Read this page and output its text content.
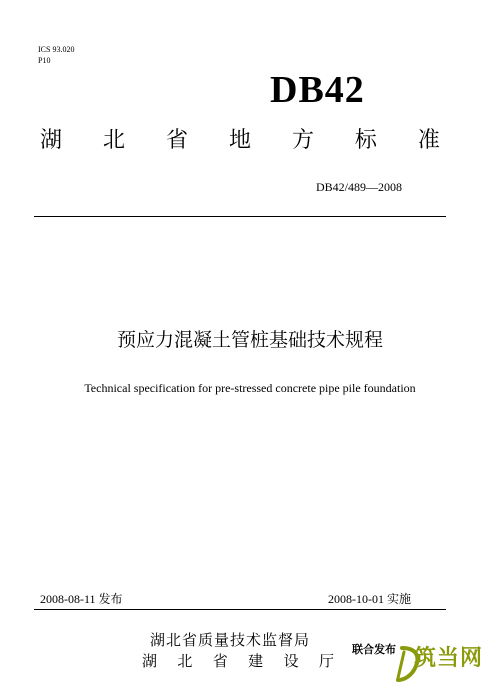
ICS 93.020
P10
DB42
湖 北 省 地 方 标 准
DB42/489—2008
预应力混凝土管桩基础技术规程
Technical specification for pre-stressed concrete pipe pile foundation
2008-08-11 发布	2008-10-01 实施
湖北省质量技术监督局
湖 北 省 建 设 厅
联合发布 筑当网
